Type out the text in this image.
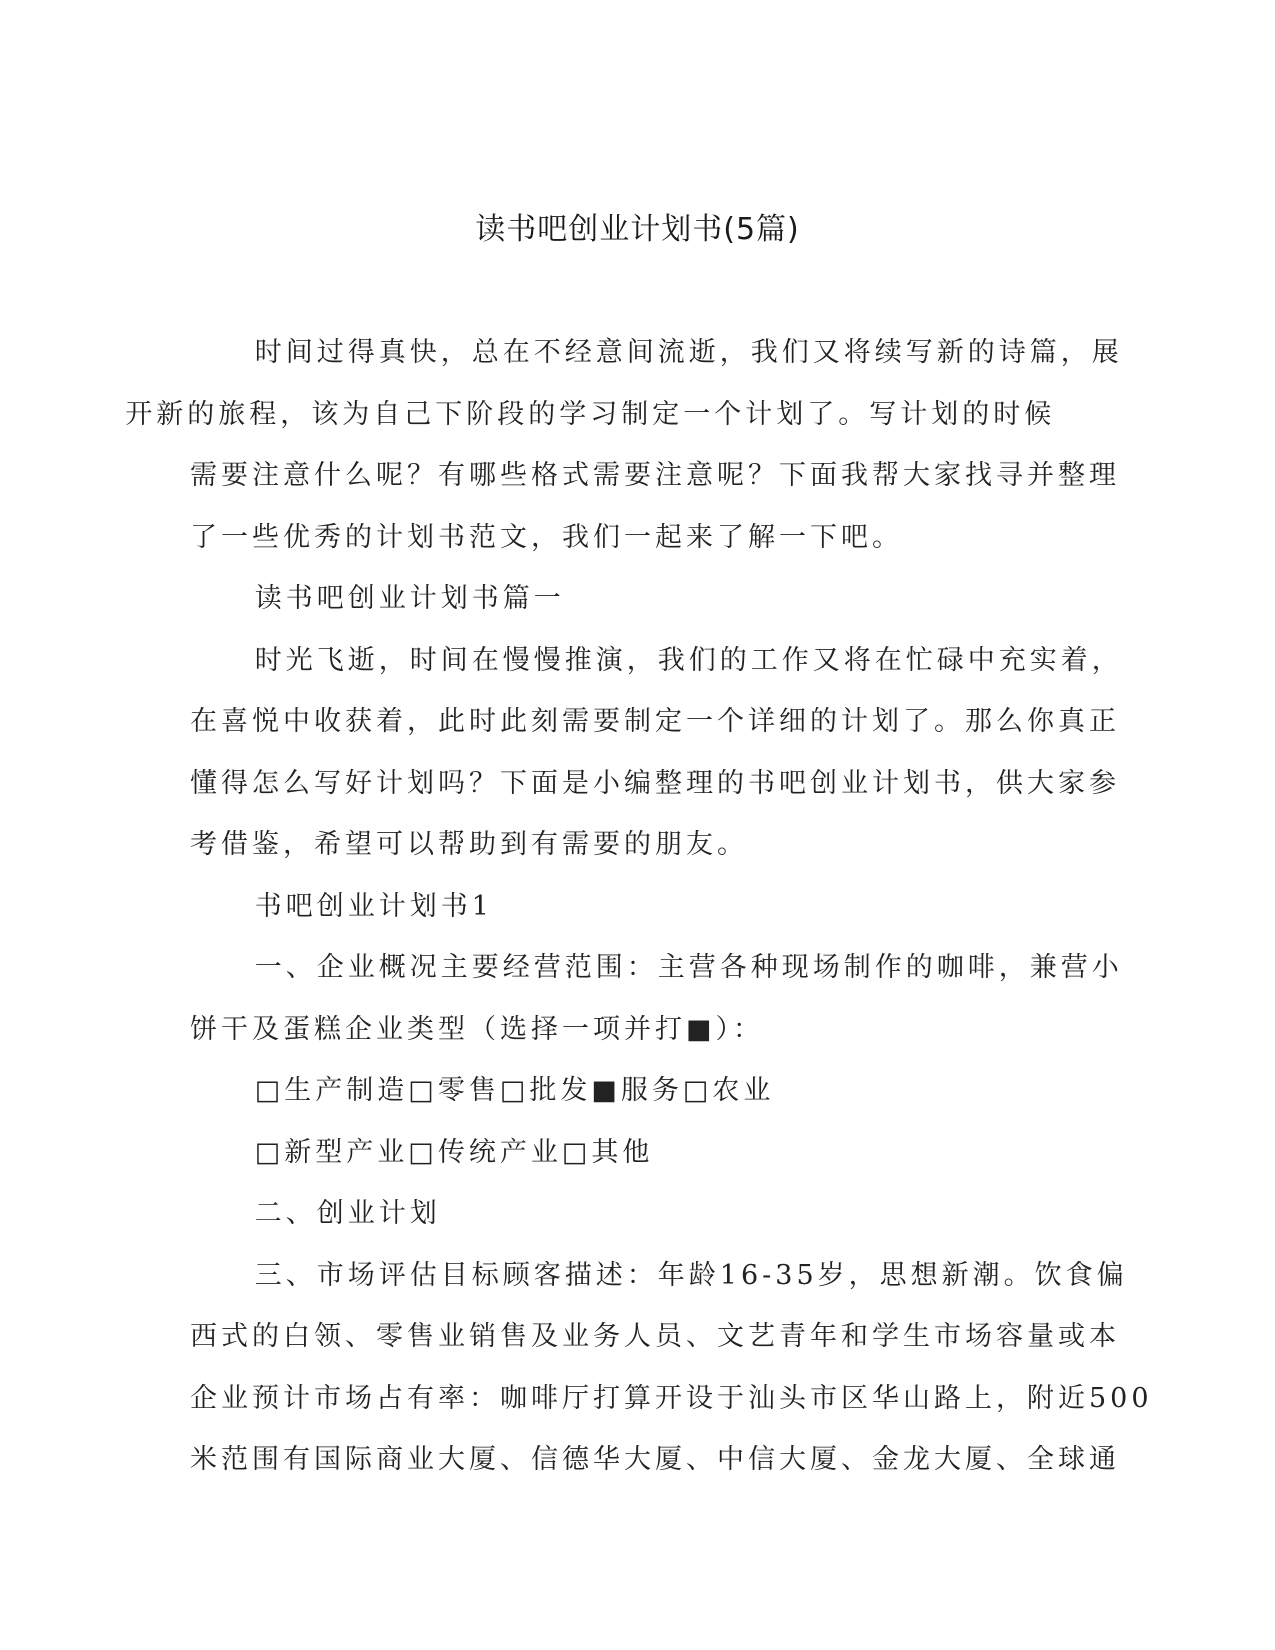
读书吧创业计划书(5篇)

时间过得真快，总在不经意间流逝，我们又将续写新的诗篇，展
开新的旅程，该为自己下阶段的学习制定一个计划了。写计划的时候
需要注意什么呢？有哪些格式需要注意呢？下面我帮大家找寻并整理
了一些优秀的计划书范文，我们一起来了解一下吧。

读书吧创业计划书篇一

时光飞逝，时间在慢慢推演，我们的工作又将在忙碌中充实着，
在喜悦中收获着，此时此刻需要制定一个详细的计划了。那么你真正
懂得怎么写好计划吗？下面是小编整理的书吧创业计划书，供大家参
考借鉴，希望可以帮助到有需要的朋友。

书吧创业计划书1

一、企业概况主要经营范围：主营各种现场制作的咖啡，兼营小
饼干及蛋糕企业类型（选择一项并打■）：

□生产制造□零售□批发■服务□农业

□新型产业□传统产业□其他

二、创业计划

三、市场评估目标顾客描述：年龄16-35岁，思想新潮。饮食偏
西式的白领、零售业销售及业务人员、文艺青年和学生市场容量或本
企业预计市场占有率：咖啡厅打算开设于汕头市区华山路上，附近500
米范围有国际商业大厦、信德华大厦、中信大厦、金龙大厦、全球通
